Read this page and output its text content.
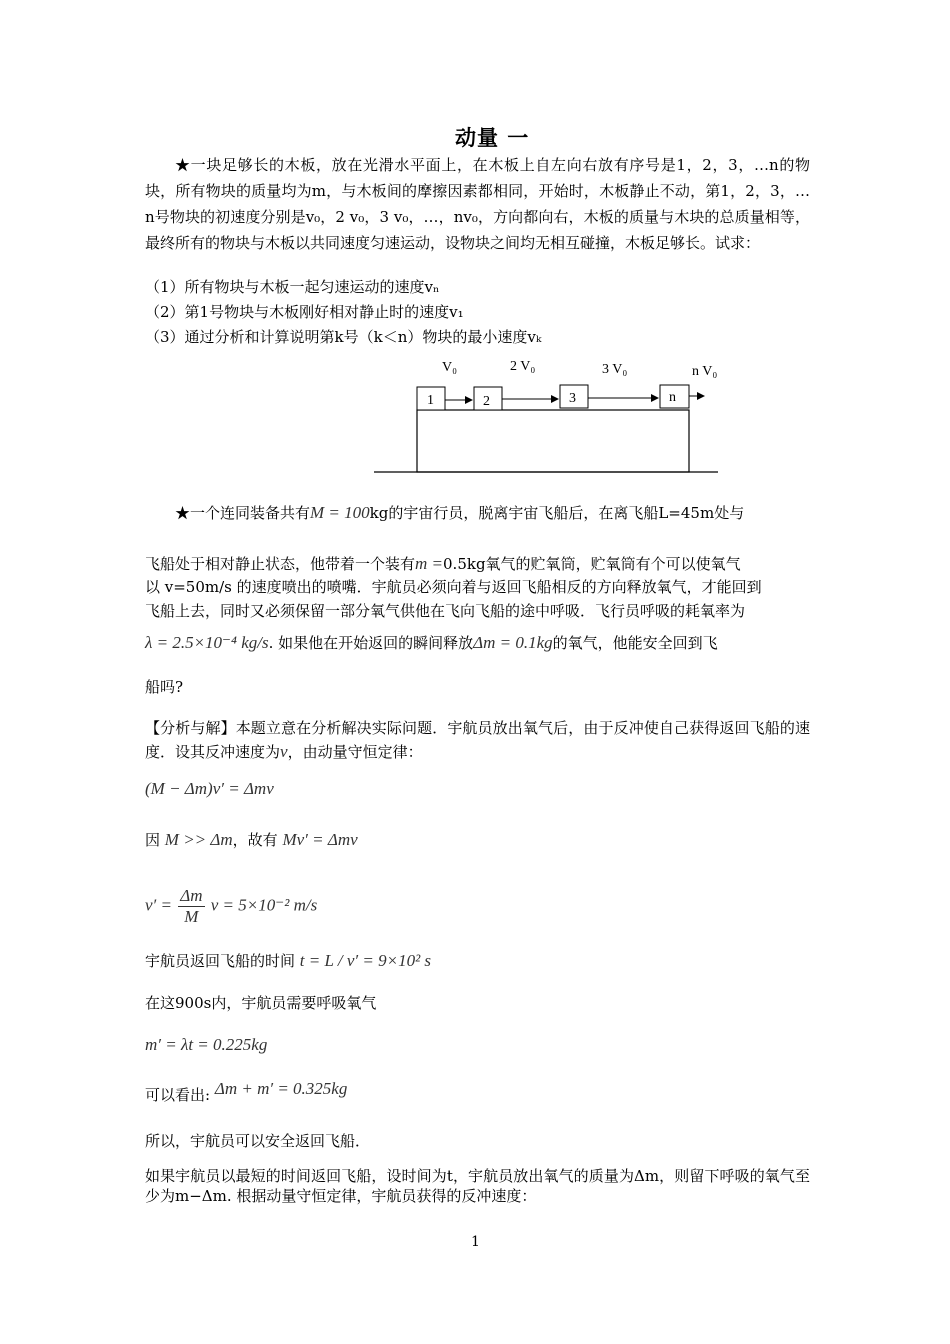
动量 一
★一块足够长的木板，放在光滑水平面上，在木板上自左向右放有序号是1，2，3，…n的物块，所有物块的质量均为m，与木板间的摩擦因素都相同，开始时，木板静止不动，第1，2，3，…n号物块的初速度分别是v₀，2 v₀，3 v₀，…，nv₀，方向都向右，木板的质量与木块的总质量相等，最终所有的物块与木板以共同速度匀速运动，设物块之间均无相互碰撞，木板足够长。试求：
（1）所有物块与木板一起匀速运动的速度vₙ
（2）第1号物块与木板刚好相对静止时的速度v₁
（3）通过分析和计算说明第k号（k＜n）物块的最小速度vₖ
1	2	3	n
V₀	2 V₀	3 V₀	n V₀
★一个连同装备共有M = 100kg的宇宙行员，脱离宇宙飞船后，在离飞船L=45m处与
飞船处于相对静止状态，他带着一个装有m =0.5kg氧气的贮氧筒，贮氧筒有个可以使氧气
以 v=50m/s 的速度喷出的喷嘴．宇航员必须向着与返回飞船相反的方向释放氧气，才能回到
飞船上去，同时又必须保留一部分氧气供他在飞向飞船的途中呼吸．飞行员呼吸的耗氧率为
λ = 2.5×10⁻⁴ kg/s. 如果他在开始返回的瞬间释放Δm = 0.1kg的氧气，他能安全回到飞
船吗?
【分析与解】本题立意在分析解决实际问题．宇航员放出氧气后，由于反冲使自己获得返回飞船的速度．设其反冲速度为v，由动量守恒定律：
(M − Δm)v′ = Δmv
因 M >> Δm，故有 Mv′ = Δmv
$v' = \frac{\Delta m}{M}$ v = 5×10⁻² m/s
宇航员返回飞船的时间 t = L / v′ = 9×10² s
在这900s内，宇航员需要呼吸氧气
m′ = λt = 0.225kg
可以看出: Δm + m′ = 0.325kg
所以，宇航员可以安全返回飞船．
如果宇航员以最短的时间返回飞船，设时间为t，宇航员放出氧气的质量为Δm，则留下呼吸的氧气至少为m−Δm. 根据动量守恒定律，宇航员获得的反冲速度：
1
